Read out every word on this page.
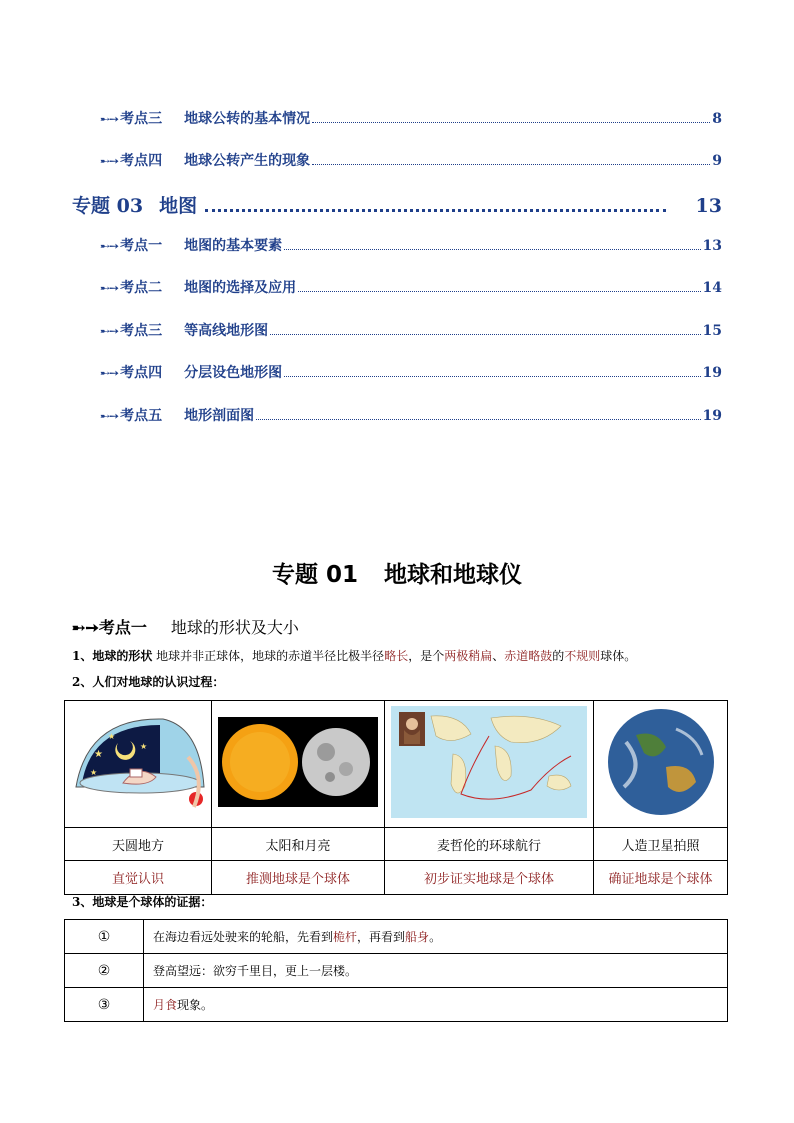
➸➙ 考点三 地球公转的基本情况	8
➸➙ 考点四 地球公转产生的现象	9
专题 03 地图	13
➸➙ 考点一 地图的基本要素	13
➸➙ 考点二 地图的选择及应用	14
➸➙ 考点三 等高线地形图	15
➸➙ 考点四 分层设色地形图	19
➸➙ 考点五 地形剖面图	19
专题 01 地球和地球仪
➸➙考点一 地球的形状及大小
1、地球的形状 地球并非正球体，地球的赤道半径比极半径略长，是个两极稍扁、赤道略鼓的不规则球体。
2、人们对地球的认识过程：
★
★
★
★

天圆地方	太阳和月亮	麦哲伦的环球航行	人造卫星拍照
直觉认识	推测地球是个球体	初步证实地球是个球体	确证地球是个球体
3、地球是个球体的证据：
①	在海边看远处驶来的轮船，先看到桅杆，再看到船身。
②	登高望远：欲穷千里目，更上一层楼。
③	月食现象。
